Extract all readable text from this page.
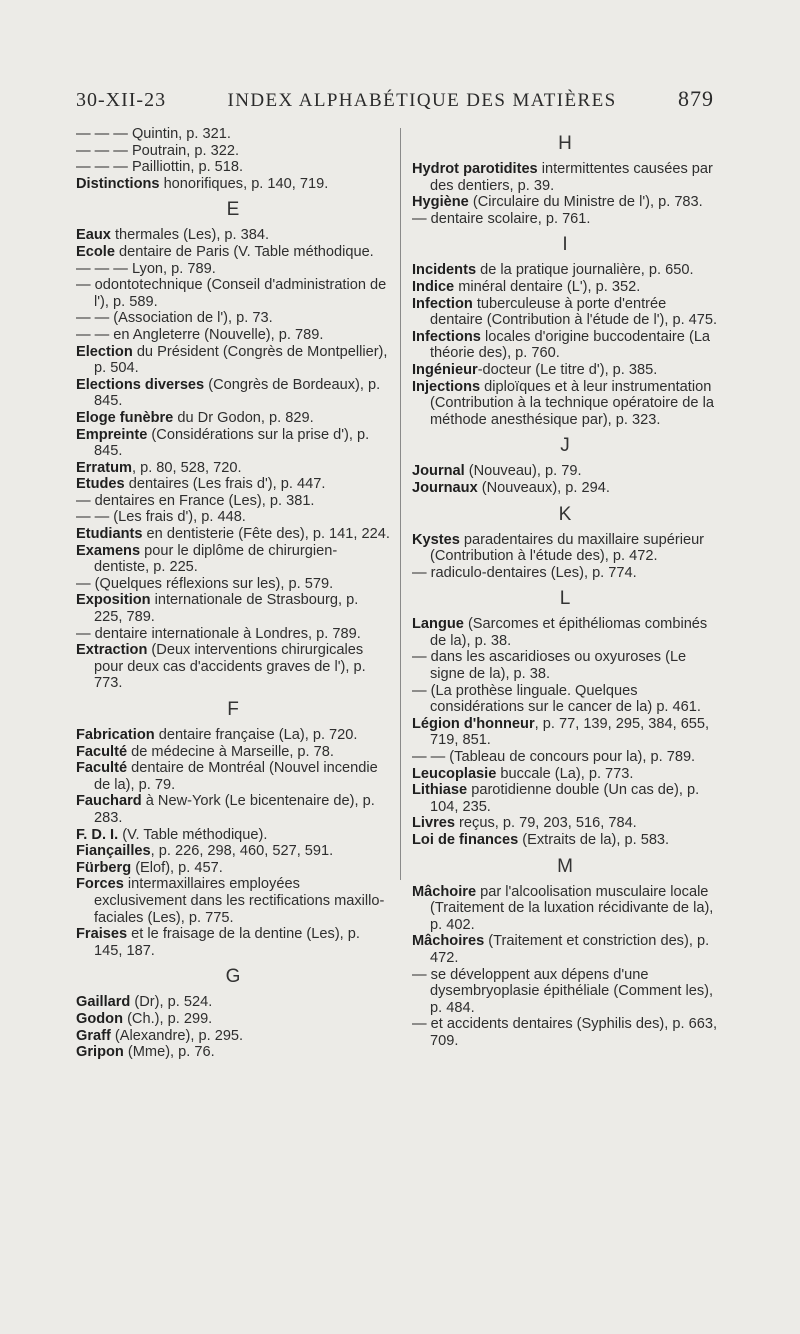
30-XII-23	INDEX ALPHABÉTIQUE DES MATIÈRES	879

— — — Quintin, p. 321.

— — — Poutrain, p. 322.

— — — Pailliottin, p. 518.

Distinctions honorifiques, p. 140, 719.

E

Eaux thermales (Les), p. 384.

Ecole dentaire de Paris (V. Table méthodique.

— — — Lyon, p. 789.

— odontotechnique (Conseil d'administration de l'), p. 589.

— — (Association de l'), p. 73.

— — en Angleterre (Nouvelle), p. 789.

Election du Président (Congrès de Montpellier), p. 504.

Elections diverses (Congrès de Bordeaux), p. 845.

Eloge funèbre du Dr Godon, p. 829.

Empreinte (Considérations sur la prise d'), p. 845.

Erratum, p. 80, 528, 720.

Etudes dentaires (Les frais d'), p. 447.

— dentaires en France (Les), p. 381.

— — (Les frais d'), p. 448.

Etudiants en dentisterie (Fête des), p. 141, 224.

Examens pour le diplôme de chirurgien-dentiste, p. 225.

— (Quelques réflexions sur les), p. 579.

Exposition internationale de Strasbourg, p. 225, 789.

— dentaire internationale à Londres, p. 789.

Extraction (Deux interventions chirurgicales pour deux cas d'accidents graves de l'), p. 773.

F

Fabrication dentaire française (La), p. 720.

Faculté de médecine à Marseille, p. 78.

Faculté dentaire de Montréal (Nouvel incendie de la), p. 79.

Fauchard à New-York (Le bicentenaire de), p. 283.

F. D. I. (V. Table méthodique).

Fiançailles, p. 226, 298, 460, 527, 591.

Fürberg (Elof), p. 457.

Forces intermaxillaires employées exclusivement dans les rectifications maxillo-faciales (Les), p. 775.

Fraises et le fraisage de la dentine (Les), p. 145, 187.

G

Gaillard (Dr), p. 524.

Godon (Ch.), p. 299.

Graff (Alexandre), p. 295.

Gripon (Mme), p. 76.

H

Hydrot parotidites intermittentes causées par des dentiers, p. 39.

Hygiène (Circulaire du Ministre de l'), p. 783.

— dentaire scolaire, p. 761.

I

Incidents de la pratique journalière, p. 650.

Indice minéral dentaire (L'), p. 352.

Infection tuberculeuse à porte d'entrée dentaire (Contribution à l'étude de l'), p. 475.

Infections locales d'origine buccodentaire (La théorie des), p. 760.

Ingénieur-docteur (Le titre d'), p. 385.

Injections diploïques et à leur instrumentation (Contribution à la technique opératoire de la méthode anesthésique par), p. 323.

J

Journal (Nouveau), p. 79.

Journaux (Nouveaux), p. 294.

K

Kystes paradentaires du maxillaire supérieur (Contribution à l'étude des), p. 472.

— radiculo-dentaires (Les), p. 774.

L

Langue (Sarcomes et épithéliomas combinés de la), p. 38.

— dans les ascaridioses ou oxyuroses (Le signe de la), p. 38.

— (La prothèse linguale. Quelques considérations sur le cancer de la) p. 461.

Légion d'honneur, p. 77, 139, 295, 384, 655, 719, 851.

— — (Tableau de concours pour la), p. 789.

Leucoplasie buccale (La), p. 773.

Lithiase parotidienne double (Un cas de), p. 104, 235.

Livres reçus, p. 79, 203, 516, 784.

Loi de finances (Extraits de la), p. 583.

M

Mâchoire par l'alcoolisation musculaire locale (Traitement de la luxation récidivante de la), p. 402.

Mâchoires (Traitement et constriction des), p. 472.

— se développent aux dépens d'une dysembryoplasie épithéliale (Comment les), p. 484.

— et accidents dentaires (Syphilis des), p. 663, 709.
